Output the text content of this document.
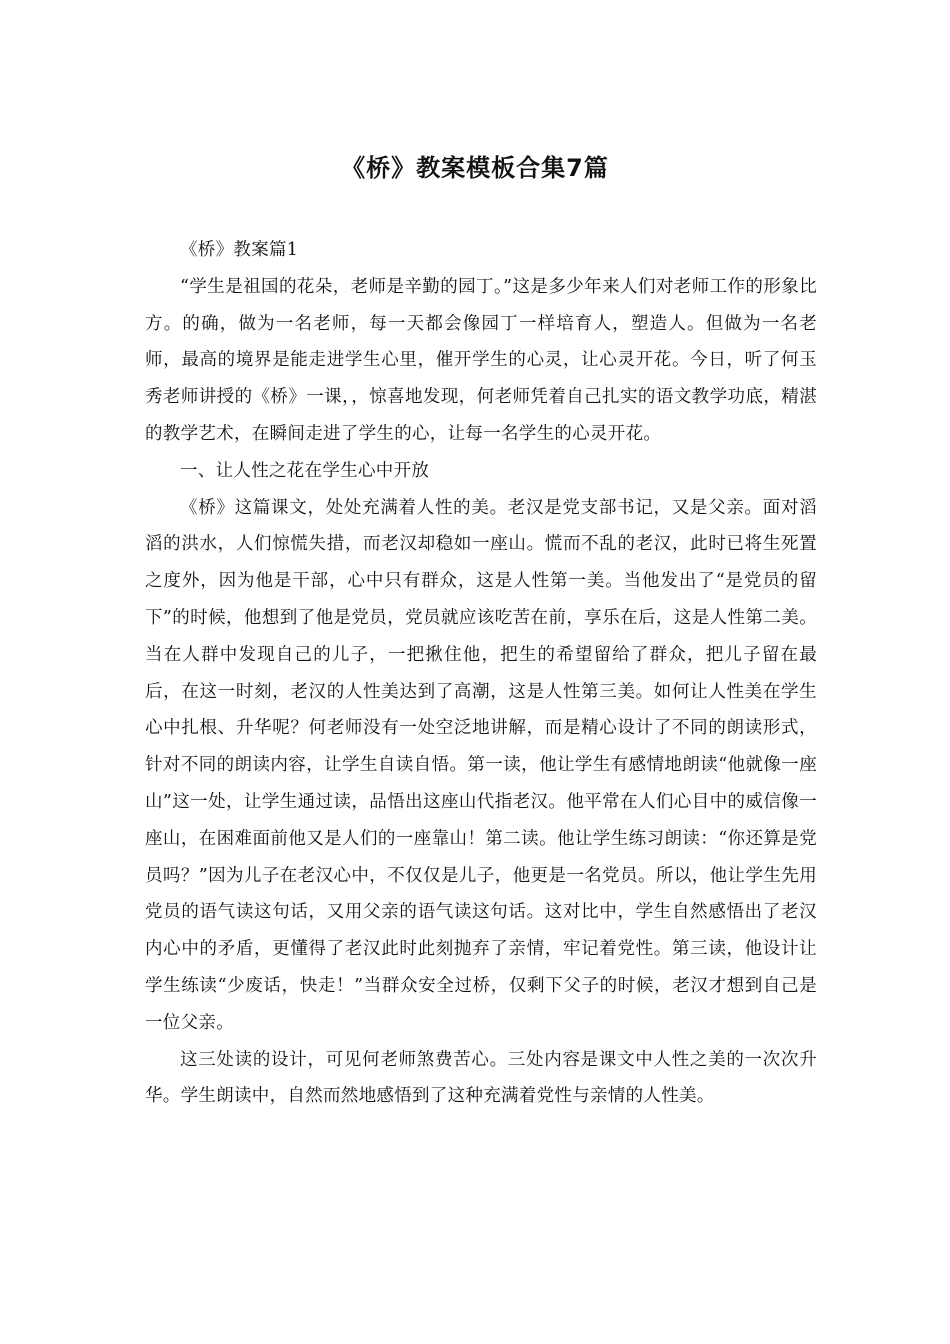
《桥》教案模板合集7篇

《桥》教案篇1

“学生是祖国的花朵，老师是辛勤的园丁。”这是多少年来人们对老师工作的形象比方。的确，做为一名老师，每一天都会像园丁一样培育人，塑造人。但做为一名老师，最高的境界是能走进学生心里，催开学生的心灵，让心灵开花。今日，听了何玉秀老师讲授的《桥》一课，，惊喜地发现，何老师凭着自己扎实的语文教学功底，精湛的教学艺术，在瞬间走进了学生的心，让每一名学生的心灵开花。

一、让人性之花在学生心中开放

《桥》这篇课文，处处充满着人性的美。老汉是党支部书记，又是父亲。面对滔滔的洪水，人们惊慌失措，而老汉却稳如一座山。慌而不乱的老汉，此时已将生死置之度外，因为他是干部，心中只有群众，这是人性第一美。当他发出了“是党员的留下”的时候，他想到了他是党员，党员就应该吃苦在前，享乐在后，这是人性第二美。当在人群中发现自己的儿子，一把揪住他，把生的希望留给了群众，把儿子留在最后，在这一时刻，老汉的人性美达到了高潮，这是人性第三美。如何让人性美在学生心中扎根、升华呢？何老师没有一处空泛地讲解，而是精心设计了不同的朗读形式，针对不同的朗读内容，让学生自读自悟。第一读，他让学生有感情地朗读“他就像一座山”这一处，让学生通过读，品悟出这座山代指老汉。他平常在人们心目中的威信像一座山，在困难面前他又是人们的一座靠山！第二读。他让学生练习朗读：“你还算是党员吗？”因为儿子在老汉心中，不仅仅是儿子，他更是一名党员。所以，他让学生先用党员的语气读这句话，又用父亲的语气读这句话。这对比中，学生自然感悟出了老汉内心中的矛盾，更懂得了老汉此时此刻抛弃了亲情，牢记着党性。第三读，他设计让学生练读“少废话，快走！”当群众安全过桥，仅剩下父子的时候，老汉才想到自己是一位父亲。

这三处读的设计，可见何老师煞费苦心。三处内容是课文中人性之美的一次次升华。学生朗读中，自然而然地感悟到了这种充满着党性与亲情的人性美。
